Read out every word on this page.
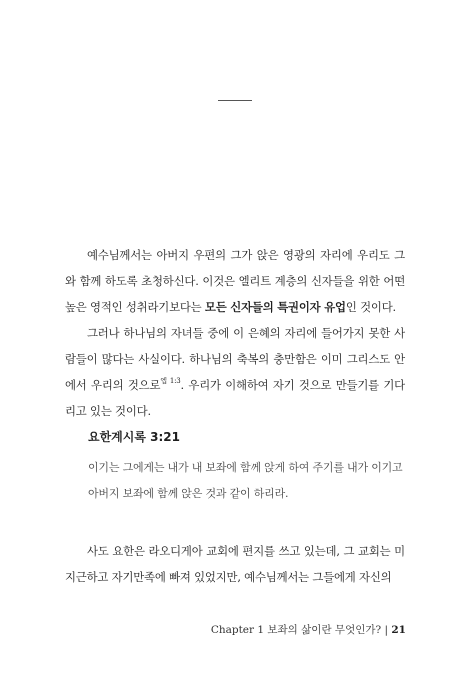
예수님께서는 아버지 우편의 그가 앉은 영광의 자리에 우리도 그와 함께 하도록 초청하신다. 이것은 엘리트 계층의 신자들을 위한 어떤 높은 영적인 성취라기보다는 모든 신자들의 특권이자 유업인 것이다.

그러나 하나님의 자녀들 중에 이 은혜의 자리에 들어가지 못한 사람들이 많다는 사실이다. 하나님의 축복의 충만함은 이미 그리스도 안에서 우리의 것으로$^{엡 1:3}$. 우리가 이해하여 자기 것으로 만들기를 기다리고 있는 것이다.

요한계시록 3:21

이기는 그에게는 내가 내 보좌에 함께 앉게 하여 주기를 내가 이기고 아버지 보좌에 함께 앉은 것과 같이 하리라.

사도 요한은 라오디게아 교회에 편지를 쓰고 있는데, 그 교회는 미지근하고 자기만족에 빠져 있었지만, 예수님께서는 그들에게 자신의

Chapter 1 보좌의 삶이란 무엇인가? | 21
